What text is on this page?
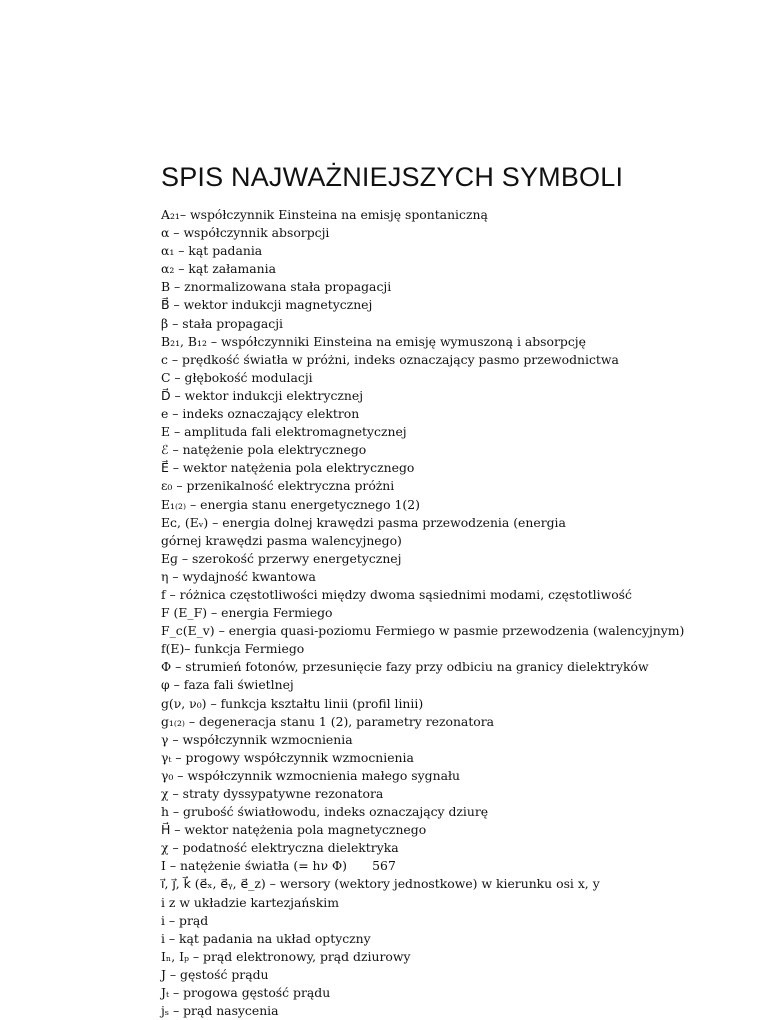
SPIS NAJWAŻNIEJSZYCH SYMBOLI
A₂₁– współczynnik Einsteina na emisję spontaniczną
α – współczynnik absorpcji
α₁ – kąt padania
α₂ – kąt załamania
B – znormalizowana stała propagacji
B⃗ – wektor indukcji magnetycznej
β – stała propagacji
B₂₁, B₁₂ – współczynniki Einsteina na emisję wymuszoną i absorpcję
c – prędkość światła w próżni, indeks oznaczający pasmo przewodnictwa
C – głębokość modulacji
D⃗ – wektor indukcji elektrycznej
e – indeks oznaczający elektron
E – amplituda fali elektromagnetycznej
ℰ – natężenie pola elektrycznego
E⃗ – wektor natężenia pola elektrycznego
ε₀ – przenikalność elektryczna próżni
E₁₍₂₎ – energia stanu energetycznego 1(2)
Eᴄ, (Eᵥ) – energia dolnej krawędzi pasma przewodzenia (energia górnej krawędzi pasma walencyjnego)
Eɡ – szerokość przerwy energetycznej
η – wydajność kwantowa
f – różnica częstotliwości między dwoma sąsiednimi modami, częstotliwość
F (E_F) – energia Fermiego
F_c(E_v) – energia quasi-poziomu Fermiego w pasmie przewodzenia (walencyjnym)
f(E)– funkcja Fermiego
Φ – strumień fotonów, przesunięcie fazy przy odbiciu na granicy dielektryków
φ – faza fali świetlnej
g(ν, ν₀) – funkcja kształtu linii (profil linii)
g₁₍₂₎ – degeneracja stanu 1 (2), parametry rezonatora
γ – współczynnik wzmocnienia
γₜ – progowy współczynnik wzmocnienia
γ₀ – współczynnik wzmocnienia małego sygnału
χ – straty dyssypatywne rezonatora
h – grubość światłowodu, indeks oznaczający dziurę
H⃗ – wektor natężenia pola magnetycznego
χ – podatność elektryczna dielektryka
I – natężenie światła (= hν Φ)
i⃗, j⃗, k⃗ (e⃗ₓ, e⃗ᵧ, e⃗_z) – wersory (wektory jednostkowe) w kierunku osi x, y i z w układzie kartezjańskim
i – prąd
i – kąt padania na układ optyczny
Iₙ, Iₚ – prąd elektronowy, prąd dziurowy
J – gęstość prądu
Jₜ – progowa gęstość prądu
jₛ – prąd nasycenia
567
